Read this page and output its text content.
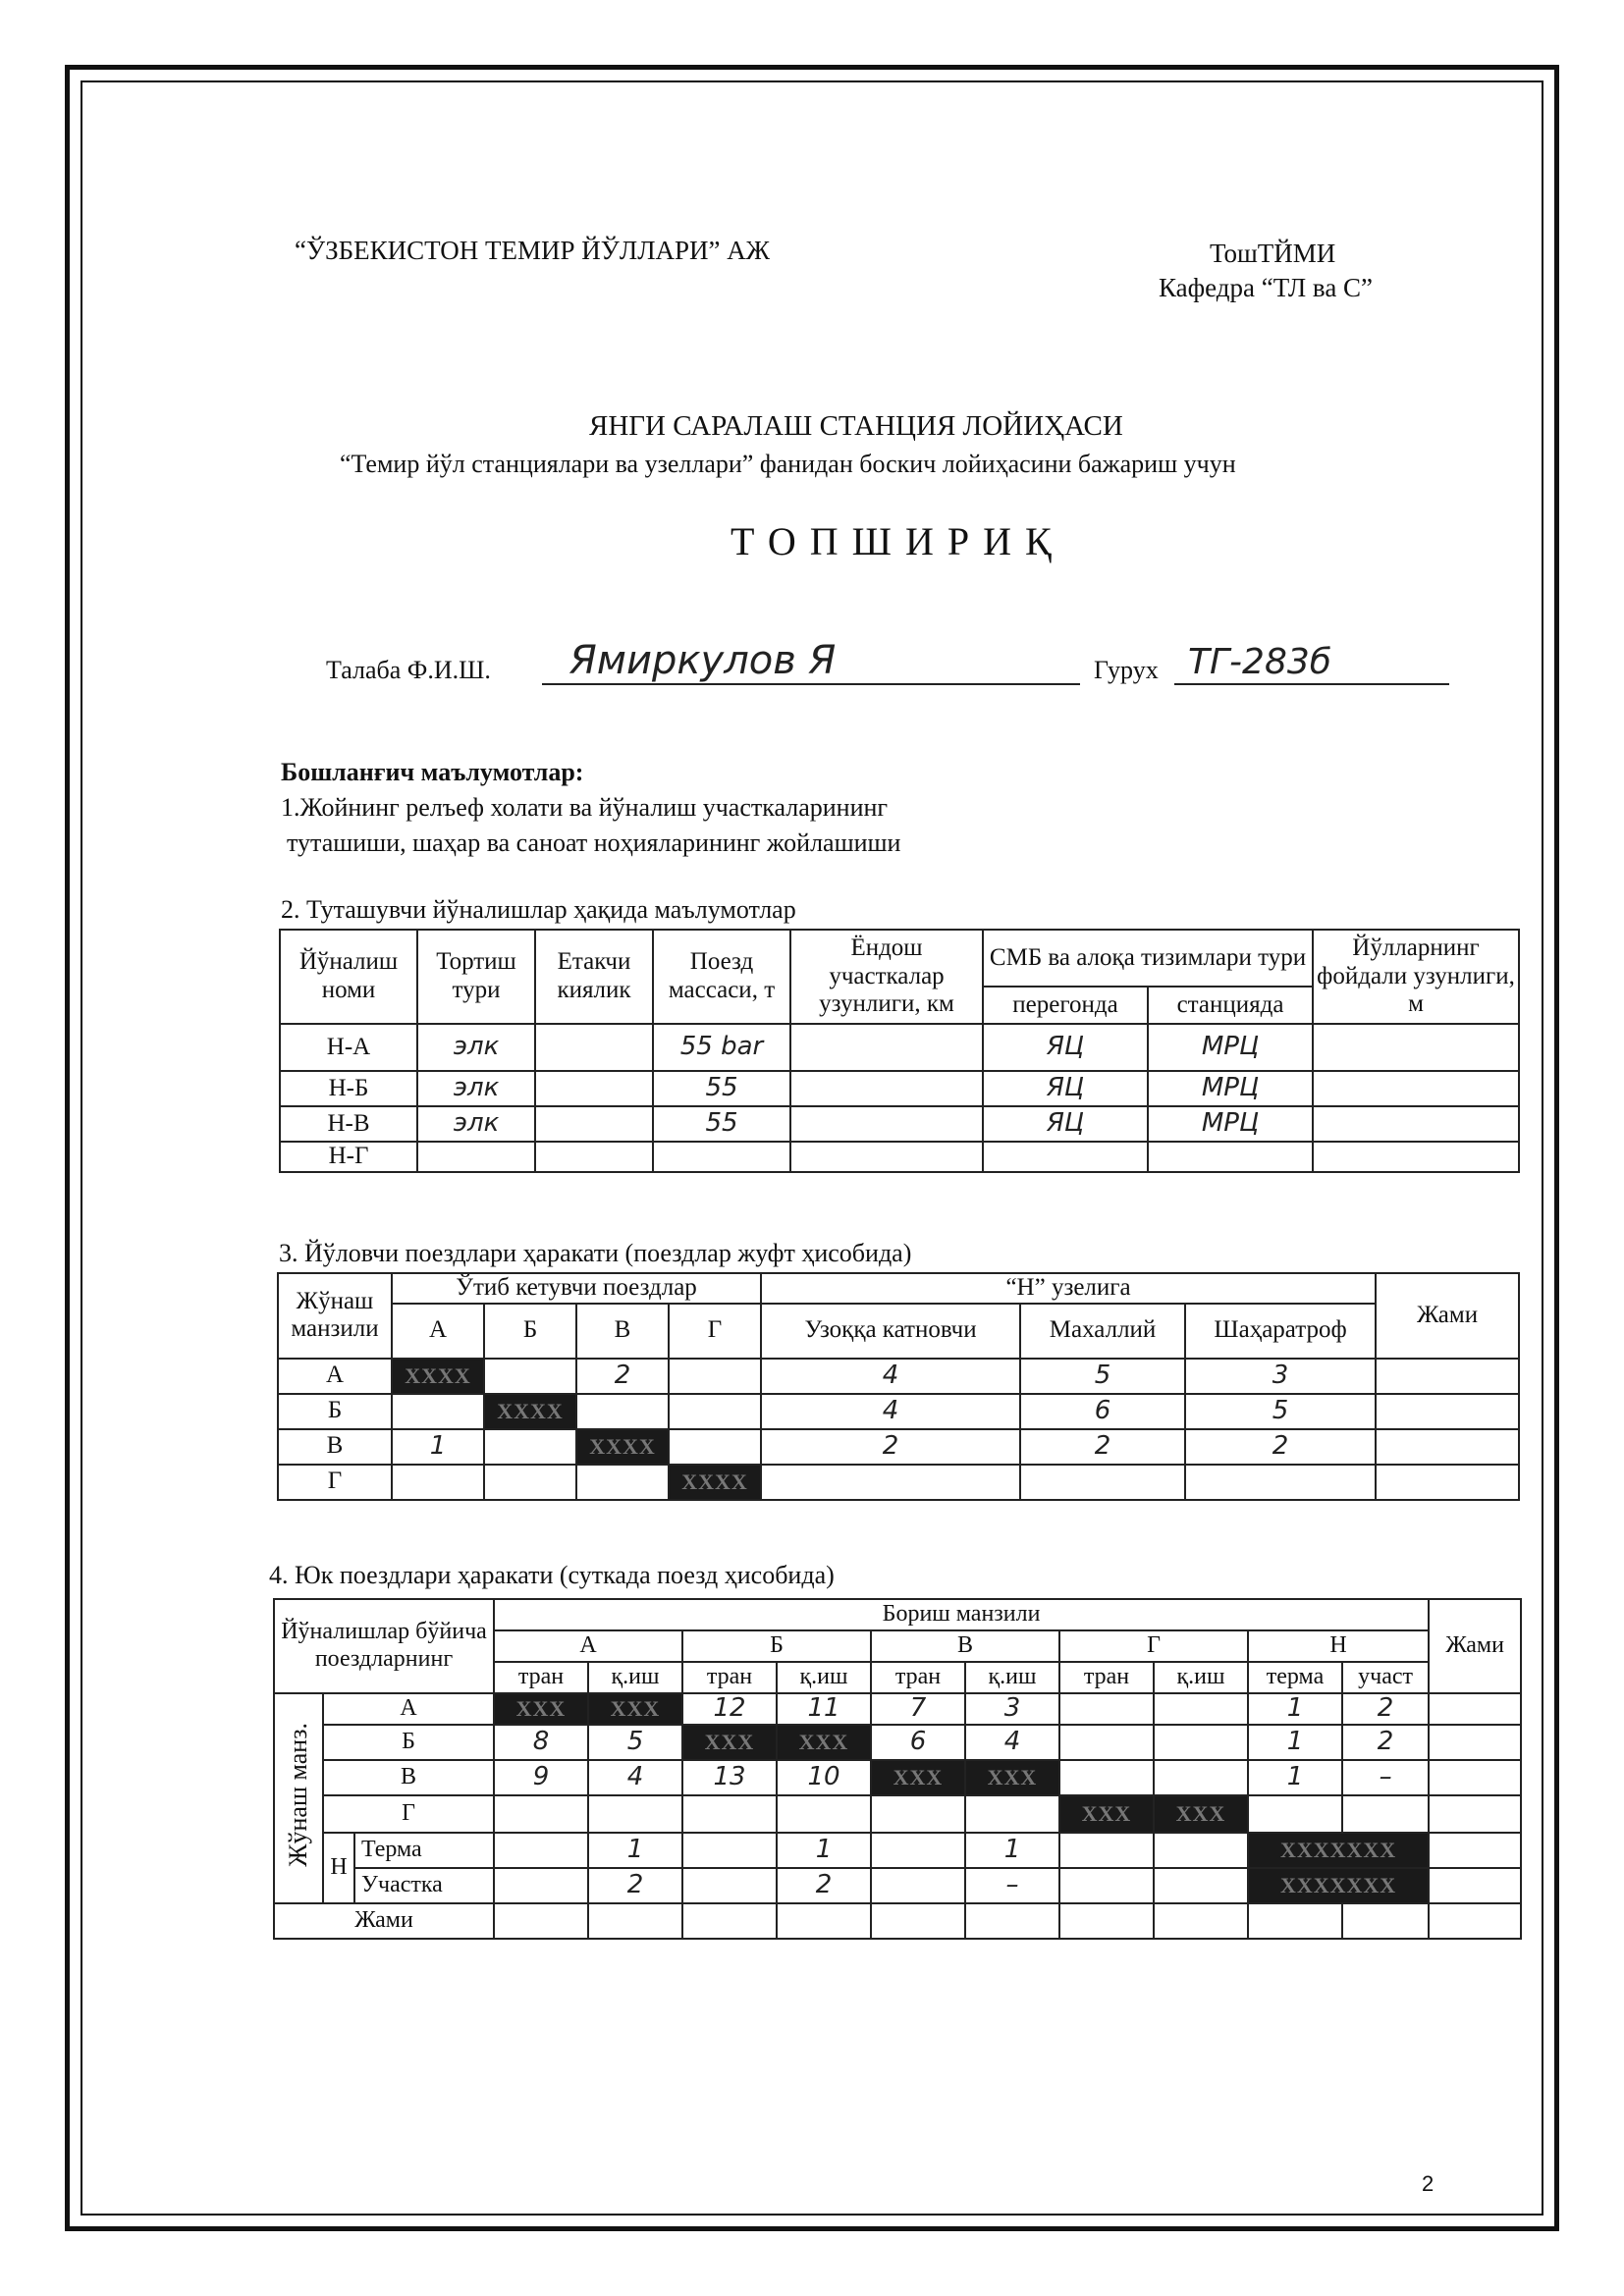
“ЎЗБЕКИСТОН ТЕМИР ЙЎЛЛАРИ” АЖ	ТошТЙМИ
Кафедра “ТЛ ва С”
ЯНГИ САРАЛАШ СТАНЦИЯ ЛОЙИҲАСИ
“Темир йўл станциялари ва узеллари” фанидан боскич лойиҳасини бажариш учун
ТОПШИРИҚ
Талаба Ф.И.Ш. Ямиркулов Я	Гурух ТГ-283б
Бошланғич маълумотлар:
1.Жойнинг релъеф холати ва йўналиш участкаларининг
туташиши, шаҳар ва саноат ноҳияларининг жойлашиши
2. Туташувчи йўналишлар ҳақида маълумотлар
Йўналиш номи	Тортиш тури	Етакчи киялик	Поезд массаси, т	Ёндош участкалар узунлиги, км	СМБ ва алоқа тизимлари тури		Йўлларнинг фойдали узунлиги, м
					перегонда	станцияда	
Н-А	элк		55 bar		ЯЦ	МРЦ	
Н-Б	элк		55		ЯЦ	МРЦ	
Н-В	элк		55		ЯЦ	МРЦ	
Н-Г							
3. Йўловчи поездлари ҳаракати (поездлар жуфт ҳисобида)
Жўнаш манзили	Ўтиб кетувчи поездлар				“Н” узелига			Жами
	А	Б	В	Г	Узоққа катновчи	Махаллий	Шаҳаратроф	
А	XXXX		2		4	5	3	
Б		XXXX			4	6	5	
В	1		XXXX		2	2	2	
Г				XXXX				
4. Юк поездлари ҳаракати (суткада поезд ҳисобида)
Йўналишлар бўйича поездларнинг			Бориш манзили										Жами
			А		Б		В		Г		Н		
			тран	қ.иш	тран	қ.иш	тран	қ.иш	тран	қ.иш	терма	участ	
Жўнаш манз.	А		XXX	XXX	12	11	7	3			1	2	
	Б		8	5	XXX	XXX	6	4			1	2	
	В		9	4	13	10	XXX	XXX			1	–	
	Г								XXX	XXX			
	Н	Терма		1		1		1			XXXXXXX		
		Участка		2		2		–			XXXXXXX		
Жами													
2
